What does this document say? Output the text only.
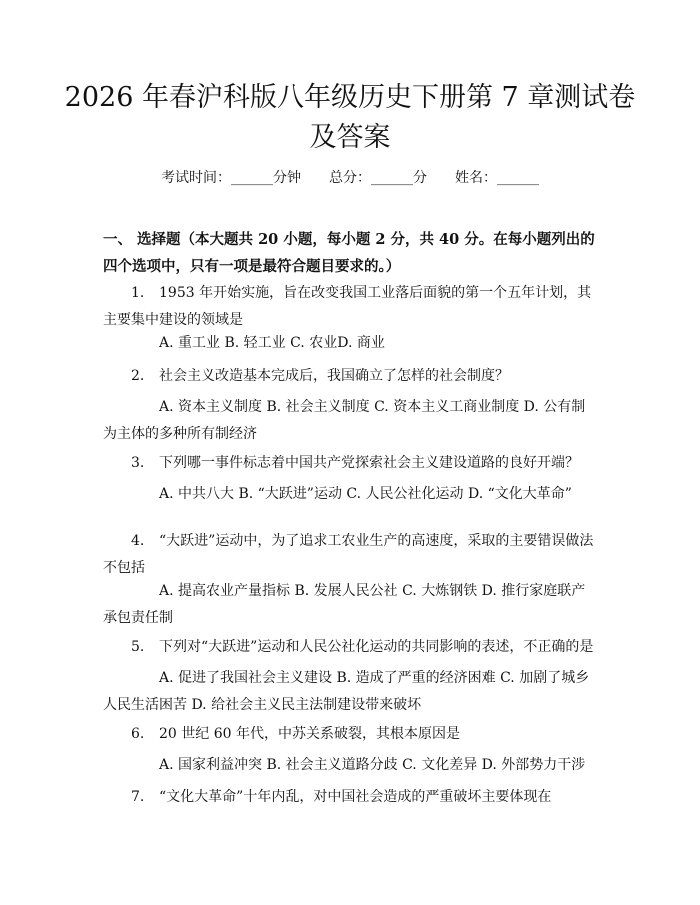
2026 年春沪科版八年级历史下册第 7 章测试卷及答案
考试时间：______分钟 总分：______分 姓名：______

一、 选择题（本大题共 20 小题，每小题 2 分，共 40 分。在每小题列出的四个选项中，只有一项是最符合题目要求的。）

1. 1953 年开始实施，旨在改变我国工业落后面貌的第一个五年计划，其主要集中建设的领域是

A. 重工业 B. 轻工业 C. 农业D. 商业

2. 社会主义改造基本完成后，我国确立了怎样的社会制度？

A. 资本主义制度 B. 社会主义制度 C. 资本主义工商业制度 D. 公有制为主体的多种所有制经济

3. 下列哪一事件标志着中国共产党探索社会主义建设道路的良好开端？

A. 中共八大 B. “大跃进”运动 C. 人民公社化运动 D. “文化大革命”

4. “大跃进”运动中，为了追求工农业生产的高速度，采取的主要错误做法不包括

A. 提高农业产量指标 B. 发展人民公社 C. 大炼钢铁 D. 推行家庭联产承包责任制

5. 下列对“大跃进”运动和人民公社化运动的共同影响的表述，不正确的是

A. 促进了我国社会主义建设 B. 造成了严重的经济困难 C. 加剧了城乡人民生活困苦 D. 给社会主义民主法制建设带来破坏

6. 20 世纪 60 年代，中苏关系破裂，其根本原因是

A. 国家利益冲突 B. 社会主义道路分歧 C. 文化差异 D. 外部势力干涉

7. “文化大革命”十年内乱，对中国社会造成的严重破坏主要体现在
